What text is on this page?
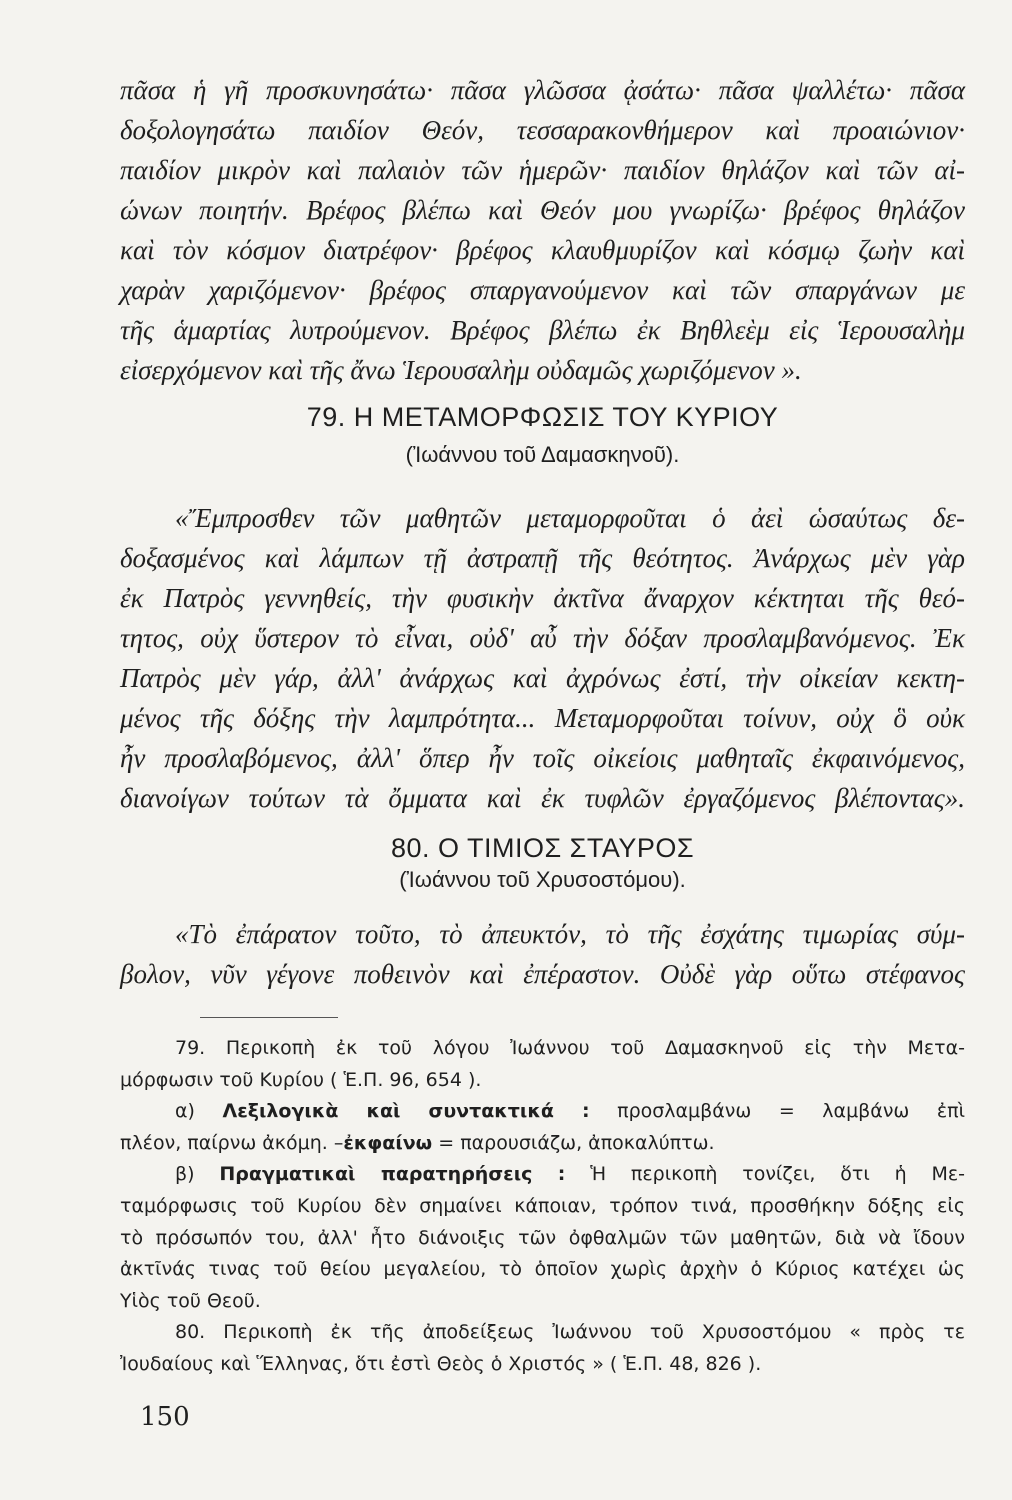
πᾶσα ἡ γῆ προσκυνησάτω· πᾶσα γλῶσσα ᾀσάτω· πᾶσα ψαλλέτω· πᾶσα
δοξολογησάτω παιδίον Θεόν, τεσσαρακονθήμερον καὶ προαιώνιον·
παιδίον μικρὸν καὶ παλαιὸν τῶν ἡμερῶν· παιδίον θηλάζον καὶ τῶν αἰ-
ώνων ποιητήν. Βρέφος βλέπω καὶ Θεόν μου γνωρίζω· βρέφος θηλάζον
καὶ τὸν κόσμον διατρέφον· βρέφος κλαυθμυρίζον καὶ κόσμῳ ζωὴν καὶ
χαρὰν χαριζόμενον· βρέφος σπαργανούμενον καὶ τῶν σπαργάνων με
τῆς ἁμαρτίας λυτρούμενον. Βρέφος βλέπω ἐκ Βηθλεὲμ εἰς Ἱερουσαλὴμ
εἰσερχόμενον καὶ τῆς ἄνω Ἱερουσαλὴμ οὐδαμῶς χωριζόμενον ».
79. Η ΜΕΤΑΜΟΡΦΩΣΙΣ ΤΟΥ ΚΥΡΙΟΥ
(Ἰωάννου τοῦ Δαμασκηνοῦ).
«Ἔμπροσθεν τῶν μαθητῶν μεταμορφοῦται ὁ ἀεὶ ὡσαύτως δε-
δοξασμένος καὶ λάμπων τῇ ἀστραπῇ τῆς θεότητος. Ἀνάρχως μὲν γὰρ
ἐκ Πατρὸς γεννηθείς, τὴν φυσικὴν ἀκτῖνα ἄναρχον κέκτηται τῆς θεό-
τητος, οὐχ ὕστερον τὸ εἶναι, οὐδ' αὖ τὴν δόξαν προσλαμβανόμενος. Ἐκ
Πατρὸς μὲν γάρ, ἀλλ' ἀνάρχως καὶ ἀχρόνως ἐστί, τὴν οἰκείαν κεκτη-
μένος τῆς δόξης τὴν λαμπρότητα... Μεταμορφοῦται τοίνυν, οὐχ ὃ οὐκ
ἦν προσλαβόμενος, ἀλλ' ὅπερ ἦν τοῖς οἰκείοις μαθηταῖς ἐκφαινόμενος,
διανοίγων τούτων τὰ ὄμματα καὶ ἐκ τυφλῶν ἐργαζόμενος βλέποντας».
80. Ο ΤΙΜΙΟΣ ΣΤΑΥΡΟΣ
(Ἰωάννου τοῦ Χρυσοστόμου).
«Τὸ ἐπάρατον τοῦτο, τὸ ἀπευκτόν, τὸ τῆς ἐσχάτης τιμωρίας σύμ-
βολον, νῦν γέγονε ποθεινὸν καὶ ἐπέραστον. Οὐδὲ γὰρ οὕτω στέφανος
79. Περικοπὴ ἐκ τοῦ λόγου Ἰωάννου τοῦ Δαμασκηνοῦ εἰς τὴν Μετα-
μόρφωσιν τοῦ Κυρίου ( Ἑ.Π. 96, 654 ).
α) Λεξιλογικὰ καὶ συντακτικά : προσλαμβάνω = λαμβάνω ἐπὶ
πλέον, παίρνω ἀκόμη. –ἐκφαίνω = παρουσιάζω, ἀποκαλύπτω.
β) Πραγματικαὶ παρατηρήσεις : Ἡ περικοπὴ τονίζει, ὅτι ἡ Με-
ταμόρφωσις τοῦ Κυρίου δὲν σημαίνει κάποιαν, τρόπον τινά, προσθήκην δόξης εἰς
τὸ πρόσωπόν του, ἀλλ' ἦτο διάνοιξις τῶν ὀφθαλμῶν τῶν μαθητῶν, διὰ νὰ ἴδουν
ἀκτῖνάς τινας τοῦ θείου μεγαλείου, τὸ ὁποῖον χωρὶς ἀρχὴν ὁ Κύριος κατέχει ὡς
Υἱὸς τοῦ Θεοῦ.
80. Περικοπὴ ἐκ τῆς ἀποδείξεως Ἰωάννου τοῦ Χρυσοστόμου « πρὸς τε
Ἰουδαίους καὶ Ἕλληνας, ὅτι ἐστὶ Θεὸς ὁ Χριστός » ( Ἑ.Π. 48, 826 ).
150
